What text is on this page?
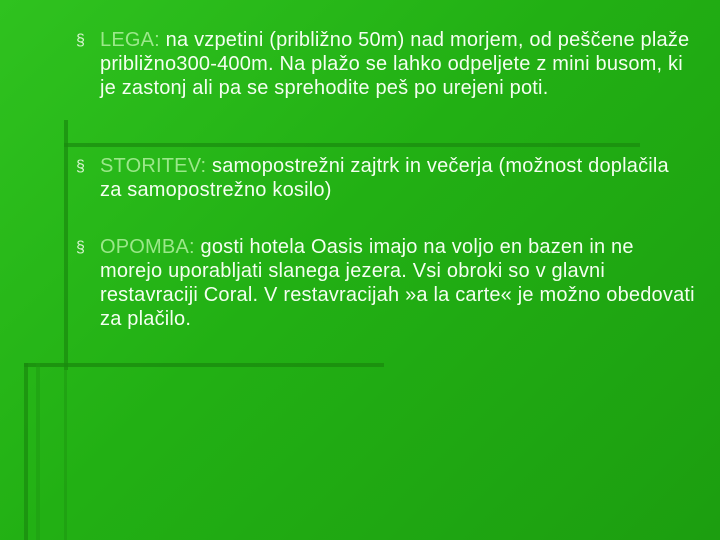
§ LEGA: na vzpetini (približno 50m) nad morjem, od peščene plaže približno300-400m. Na plažo se lahko odpeljete z mini busom, ki je zastonj ali pa se sprehodite peš po urejeni poti.
§ STORITEV: samopostrežni zajtrk in večerja (možnost doplačila za samopostrežno kosilo)
§ OPOMBA: gosti hotela Oasis imajo na voljo en bazen in ne morejo uporabljati slanega jezera. Vsi obroki so v glavni restavraciji Coral. V restavracijah »a la carte« je možno obedovati za plačilo.
